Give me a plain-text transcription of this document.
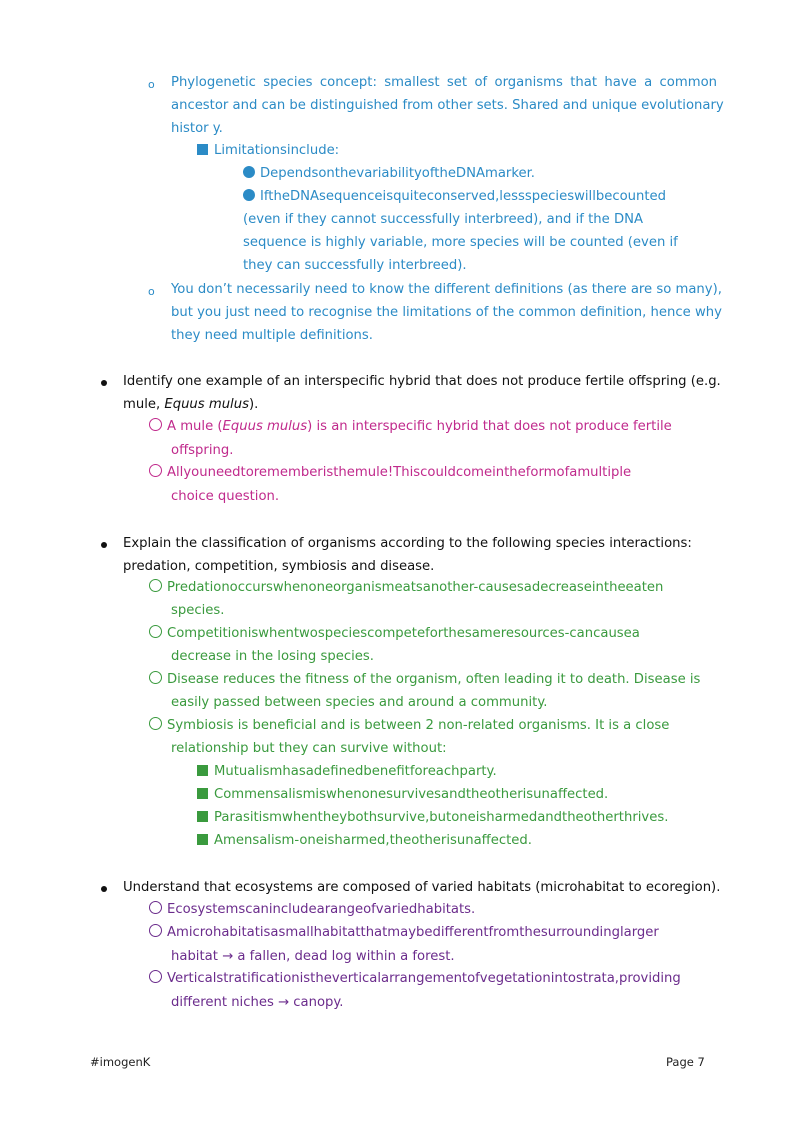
o Phylogenetic species concept: smallest set of organisms that have a common
ancestor and can be distinguished from other sets. Shared and unique evolutionary
histor y.
Limitationsinclude:
DependsonthevariabilityoftheDNAmarker.
IftheDNAsequenceisquiteconserved,lessspecieswillbecounted
(even if they cannot successfully interbreed), and if the DNA
sequence is highly variable, more species will be counted (even if
they can successfully interbreed).
o You don’t necessarily need to know the different definitions (as there are so many),
but you just need to recognise the limitations of the common definition, hence why
they need multiple definitions.
Identify one example of an interspecific hybrid that does not produce fertile offspring (e.g.
mule, Equus mulus).
A mule (Equus mulus) is an interspecific hybrid that does not produce fertile
offspring.
Allyouneedtorememberisthemule!Thiscouldcomeintheformofamultiple
choice question.
Explain the classification of organisms according to the following species interactions:
predation, competition, symbiosis and disease.
Predationoccurswhenoneorganismeatsanother-causesadecreaseintheeaten
species.
Competitioniswhentwospeciescompeteforthesameresources-cancausea
decrease in the losing species.
Disease reduces the fitness of the organism, often leading it to death. Disease is
easily passed between species and around a community.
Symbiosis is beneficial and is between 2 non-related organisms. It is a close
relationship but they can survive without:
Mutualismhasadefinedbenefitforeachparty.
Commensalismiswhenonesurvivesandtheotherisunaffected.
Parasitismwhentheybothsurvive,butoneisharmedandtheotherthrives.
Amensalism-oneisharmed,theotherisunaffected.
Understand that ecosystems are composed of varied habitats (microhabitat to ecoregion).
Ecosystemscanincludearangeofvariedhabitats.
Amicrohabitatisasmallhabitatthatmaybedifferentfromthesurroundinglarger
habitat → a fallen, dead log within a forest.
Verticalstratificationistheverticalarrangementofvegetationintostrata,providing
different niches → canopy.
#imogenK	Page 7
